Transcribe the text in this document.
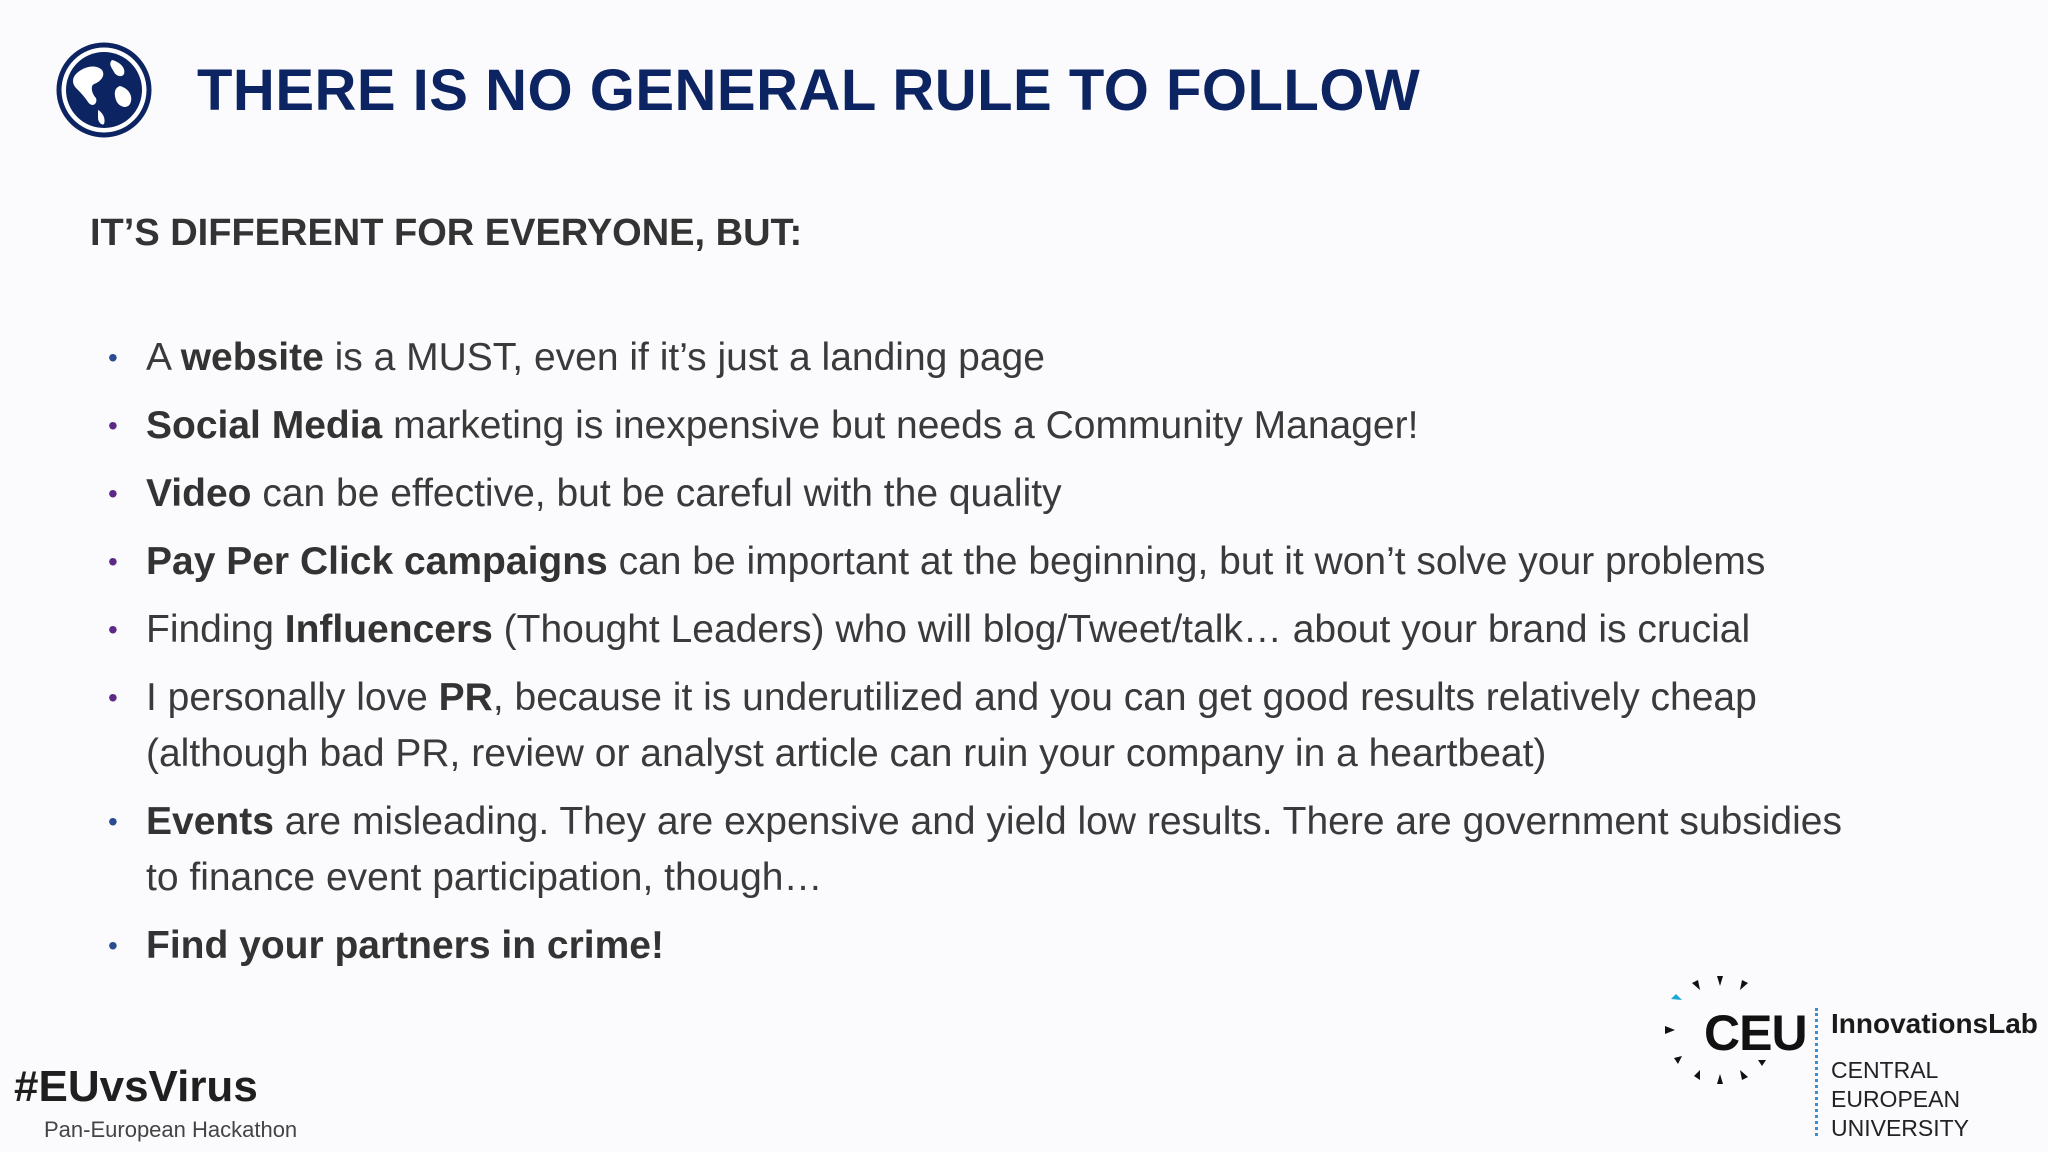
THERE IS NO GENERAL RULE TO FOLLOW
IT’S DIFFERENT FOR EVERYONE, BUT:
• A website is a MUST, even if it’s just a landing page
• Social Media marketing is inexpensive but needs a Community Manager!
• Video can be effective, but be careful with the quality
• Pay Per Click campaigns can be important at the beginning, but it won’t solve your problems
• Finding Influencers (Thought Leaders) who will blog/Tweet/talk… about your brand is crucial
• I personally love PR, because it is underutilized and you can get good results relatively cheap
(although bad PR, review or analyst article can ruin your company in a heartbeat)
• Events are misleading. They are expensive and yield low results. There are government subsidies
to finance event participation, though…
• Find your partners in crime!
#EUvsVirus
Pan-European Hackathon
CEU InnovationsLab
CENTRAL
EUROPEAN
UNIVERSITY
